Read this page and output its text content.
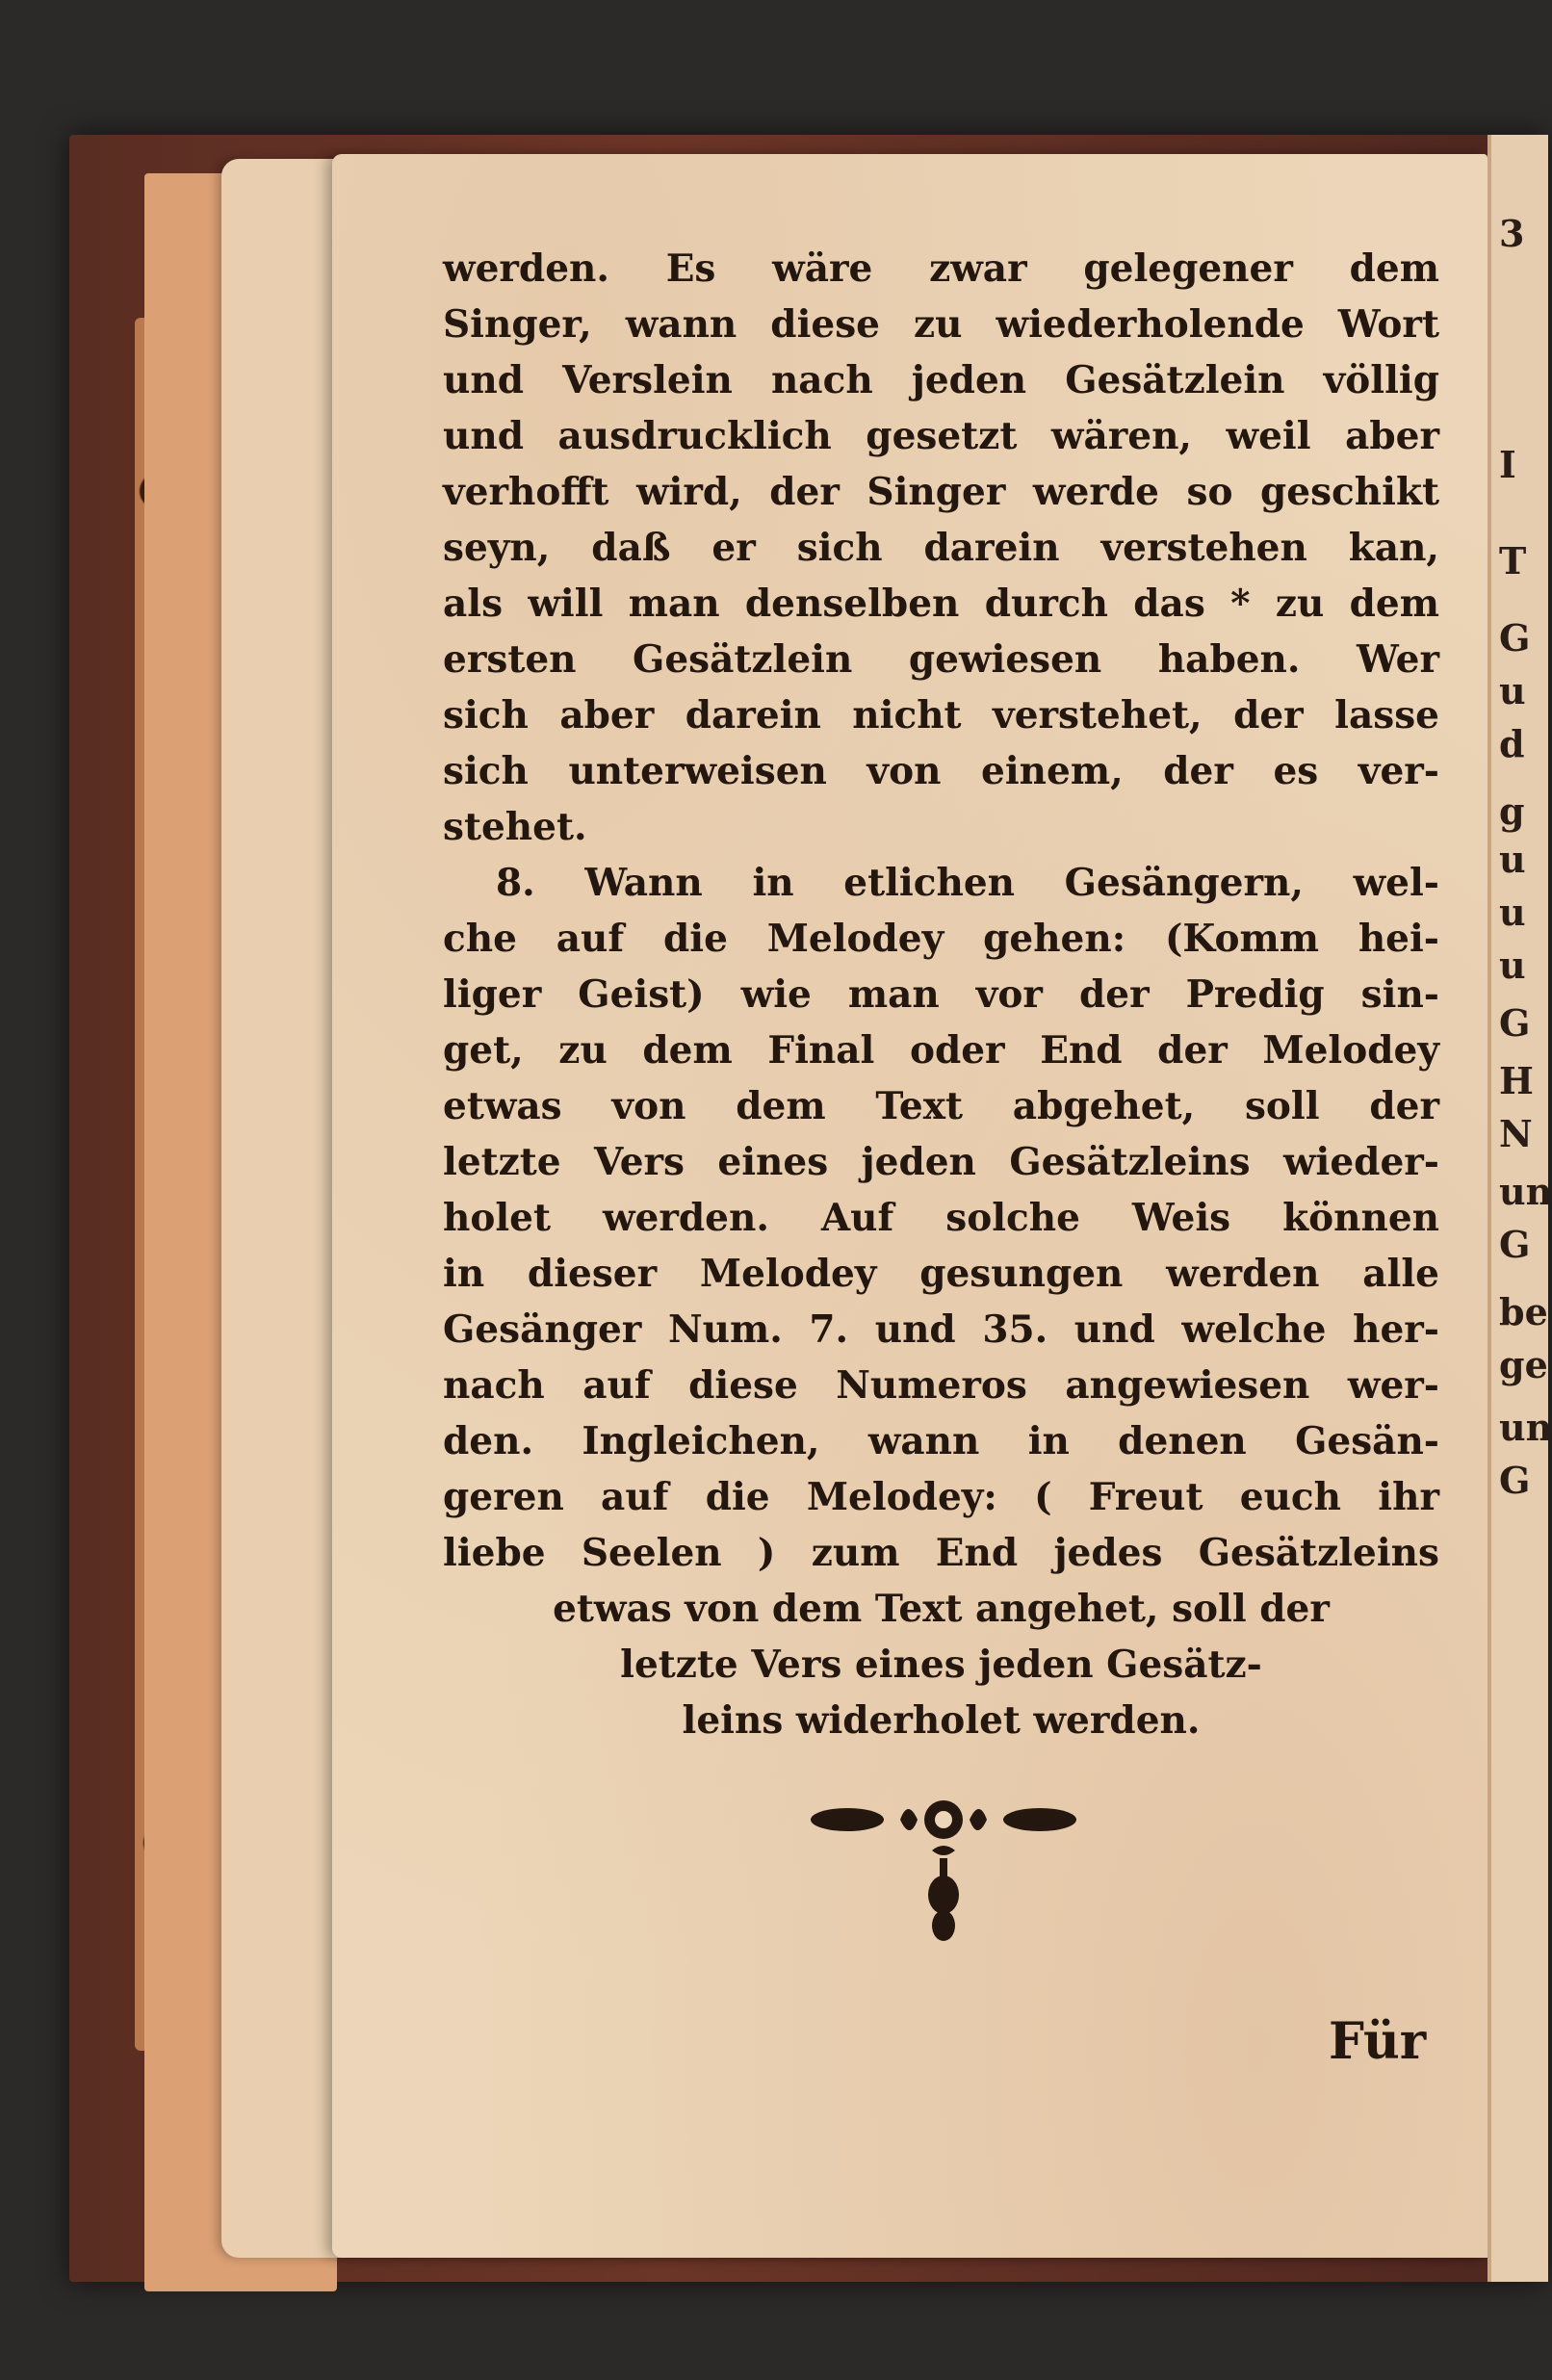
werden. Es wäre zwar gelegener dem
Singer, wann diese zu wiederholende Wort
und Verslein nach jeden Gesätzlein völlig
und ausdrucklich gesetzt wären, weil aber
verhofft wird, der Singer werde so geschikt
seyn, daß er sich darein verstehen kan,
als will man denselben durch das * zu dem
ersten Gesätzlein gewiesen haben. Wer
sich aber darein nicht verstehet, der lasse
sich unterweisen von einem, der es ver-
stehet.
8. Wann in etlichen Gesängern, wel-
che auf die Melodey gehen: (Komm hei-
liger Geist) wie man vor der Predig sin-
get, zu dem Final oder End der Melodey
etwas von dem Text abgehet, soll der
letzte Vers eines jeden Gesätzleins wieder-
holet werden. Auf solche Weis können
in dieser Melodey gesungen werden alle
Gesänger Num. 7. und 35. und welche her-
nach auf diese Numeros angewiesen wer-
den. Ingleichen, wann in denen Gesän-
geren auf die Melodey: ( Freut euch ihr
liebe Seelen ) zum End jedes Gesätzleins
etwas von dem Text angehet, soll der
letzte Vers eines jeden Gesätz-
leins widerholet werden.
Für
3
I
T
G
u
d
g
u
u
u
G
H
N
un
G
be
ge
un
G
